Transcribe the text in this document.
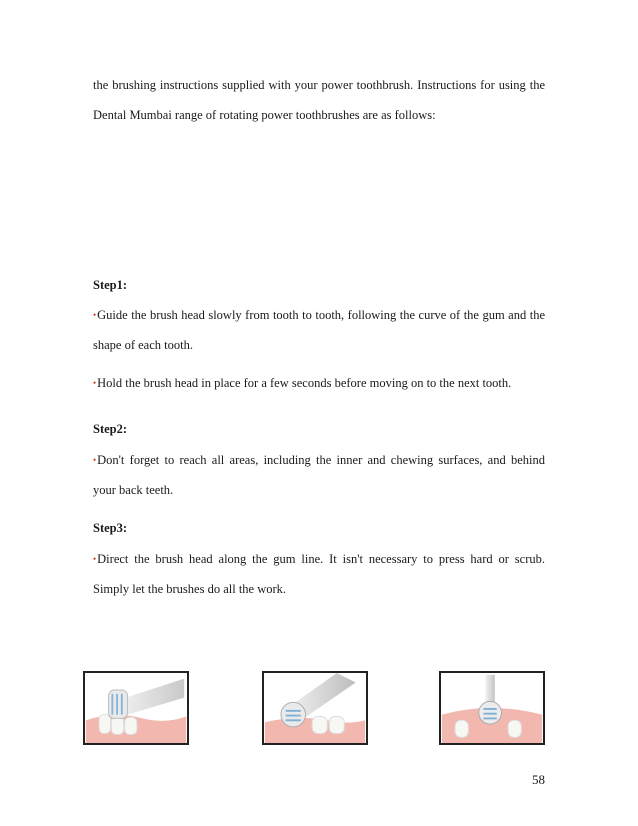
the brushing instructions supplied with your power toothbrush. Instructions for using the
Dental Mumbai range of rotating power toothbrushes are as follows:
Step1:
•Guide the brush head slowly from tooth to tooth, following the curve of the gum and the
shape of each tooth.
•Hold the brush head in place for a few seconds before moving on to the next tooth.
Step2:
•Don't forget to reach all areas, including the inner and chewing surfaces, and behind
your back teeth.
Step3:
•Direct the brush head along the gum line. It isn't necessary to press hard or scrub.
Simply let the brushes do all the work.
58
